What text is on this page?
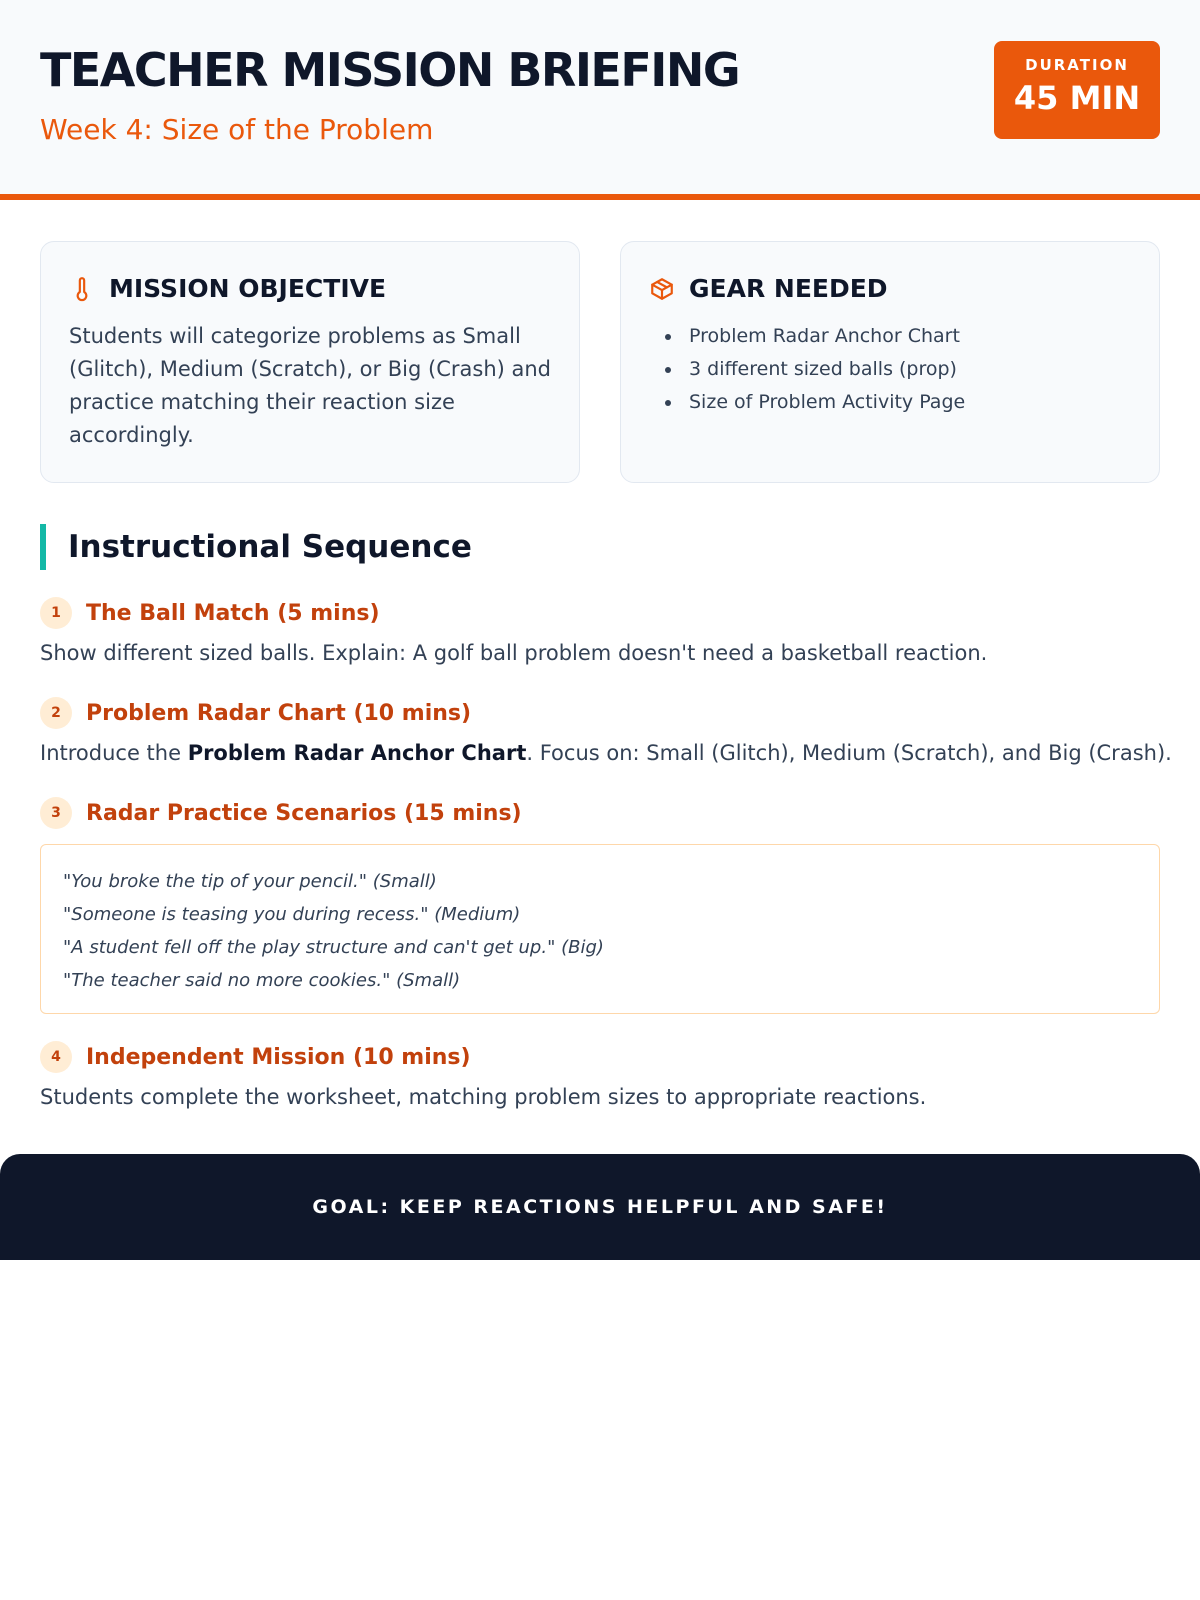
TEACHER MISSION BRIEFING
Week 4: Size of the Problem
DURATION
45 MIN
MISSION OBJECTIVE
Students will categorize problems as Small (Glitch), Medium (Scratch), or Big (Crash) and practice matching their reaction size accordingly.
GEAR NEEDED
• Problem Radar Anchor Chart
• 3 different sized balls (prop)
• Size of Problem Activity Page
Instructional Sequence
1	The Ball Match (5 mins)
Show different sized balls. Explain: A golf ball problem doesn't need a basketball reaction.
2	Problem Radar Chart (10 mins)
Introduce the Problem Radar Anchor Chart. Focus on: Small (Glitch), Medium (Scratch), and Big (Crash).
3	Radar Practice Scenarios (15 mins)
"You broke the tip of your pencil." (Small)
"Someone is teasing you during recess." (Medium)
"A student fell off the play structure and can't get up." (Big)
"The teacher said no more cookies." (Small)
4	Independent Mission (10 mins)
Students complete the worksheet, matching problem sizes to appropriate reactions.
GOAL: KEEP REACTIONS HELPFUL AND SAFE!
